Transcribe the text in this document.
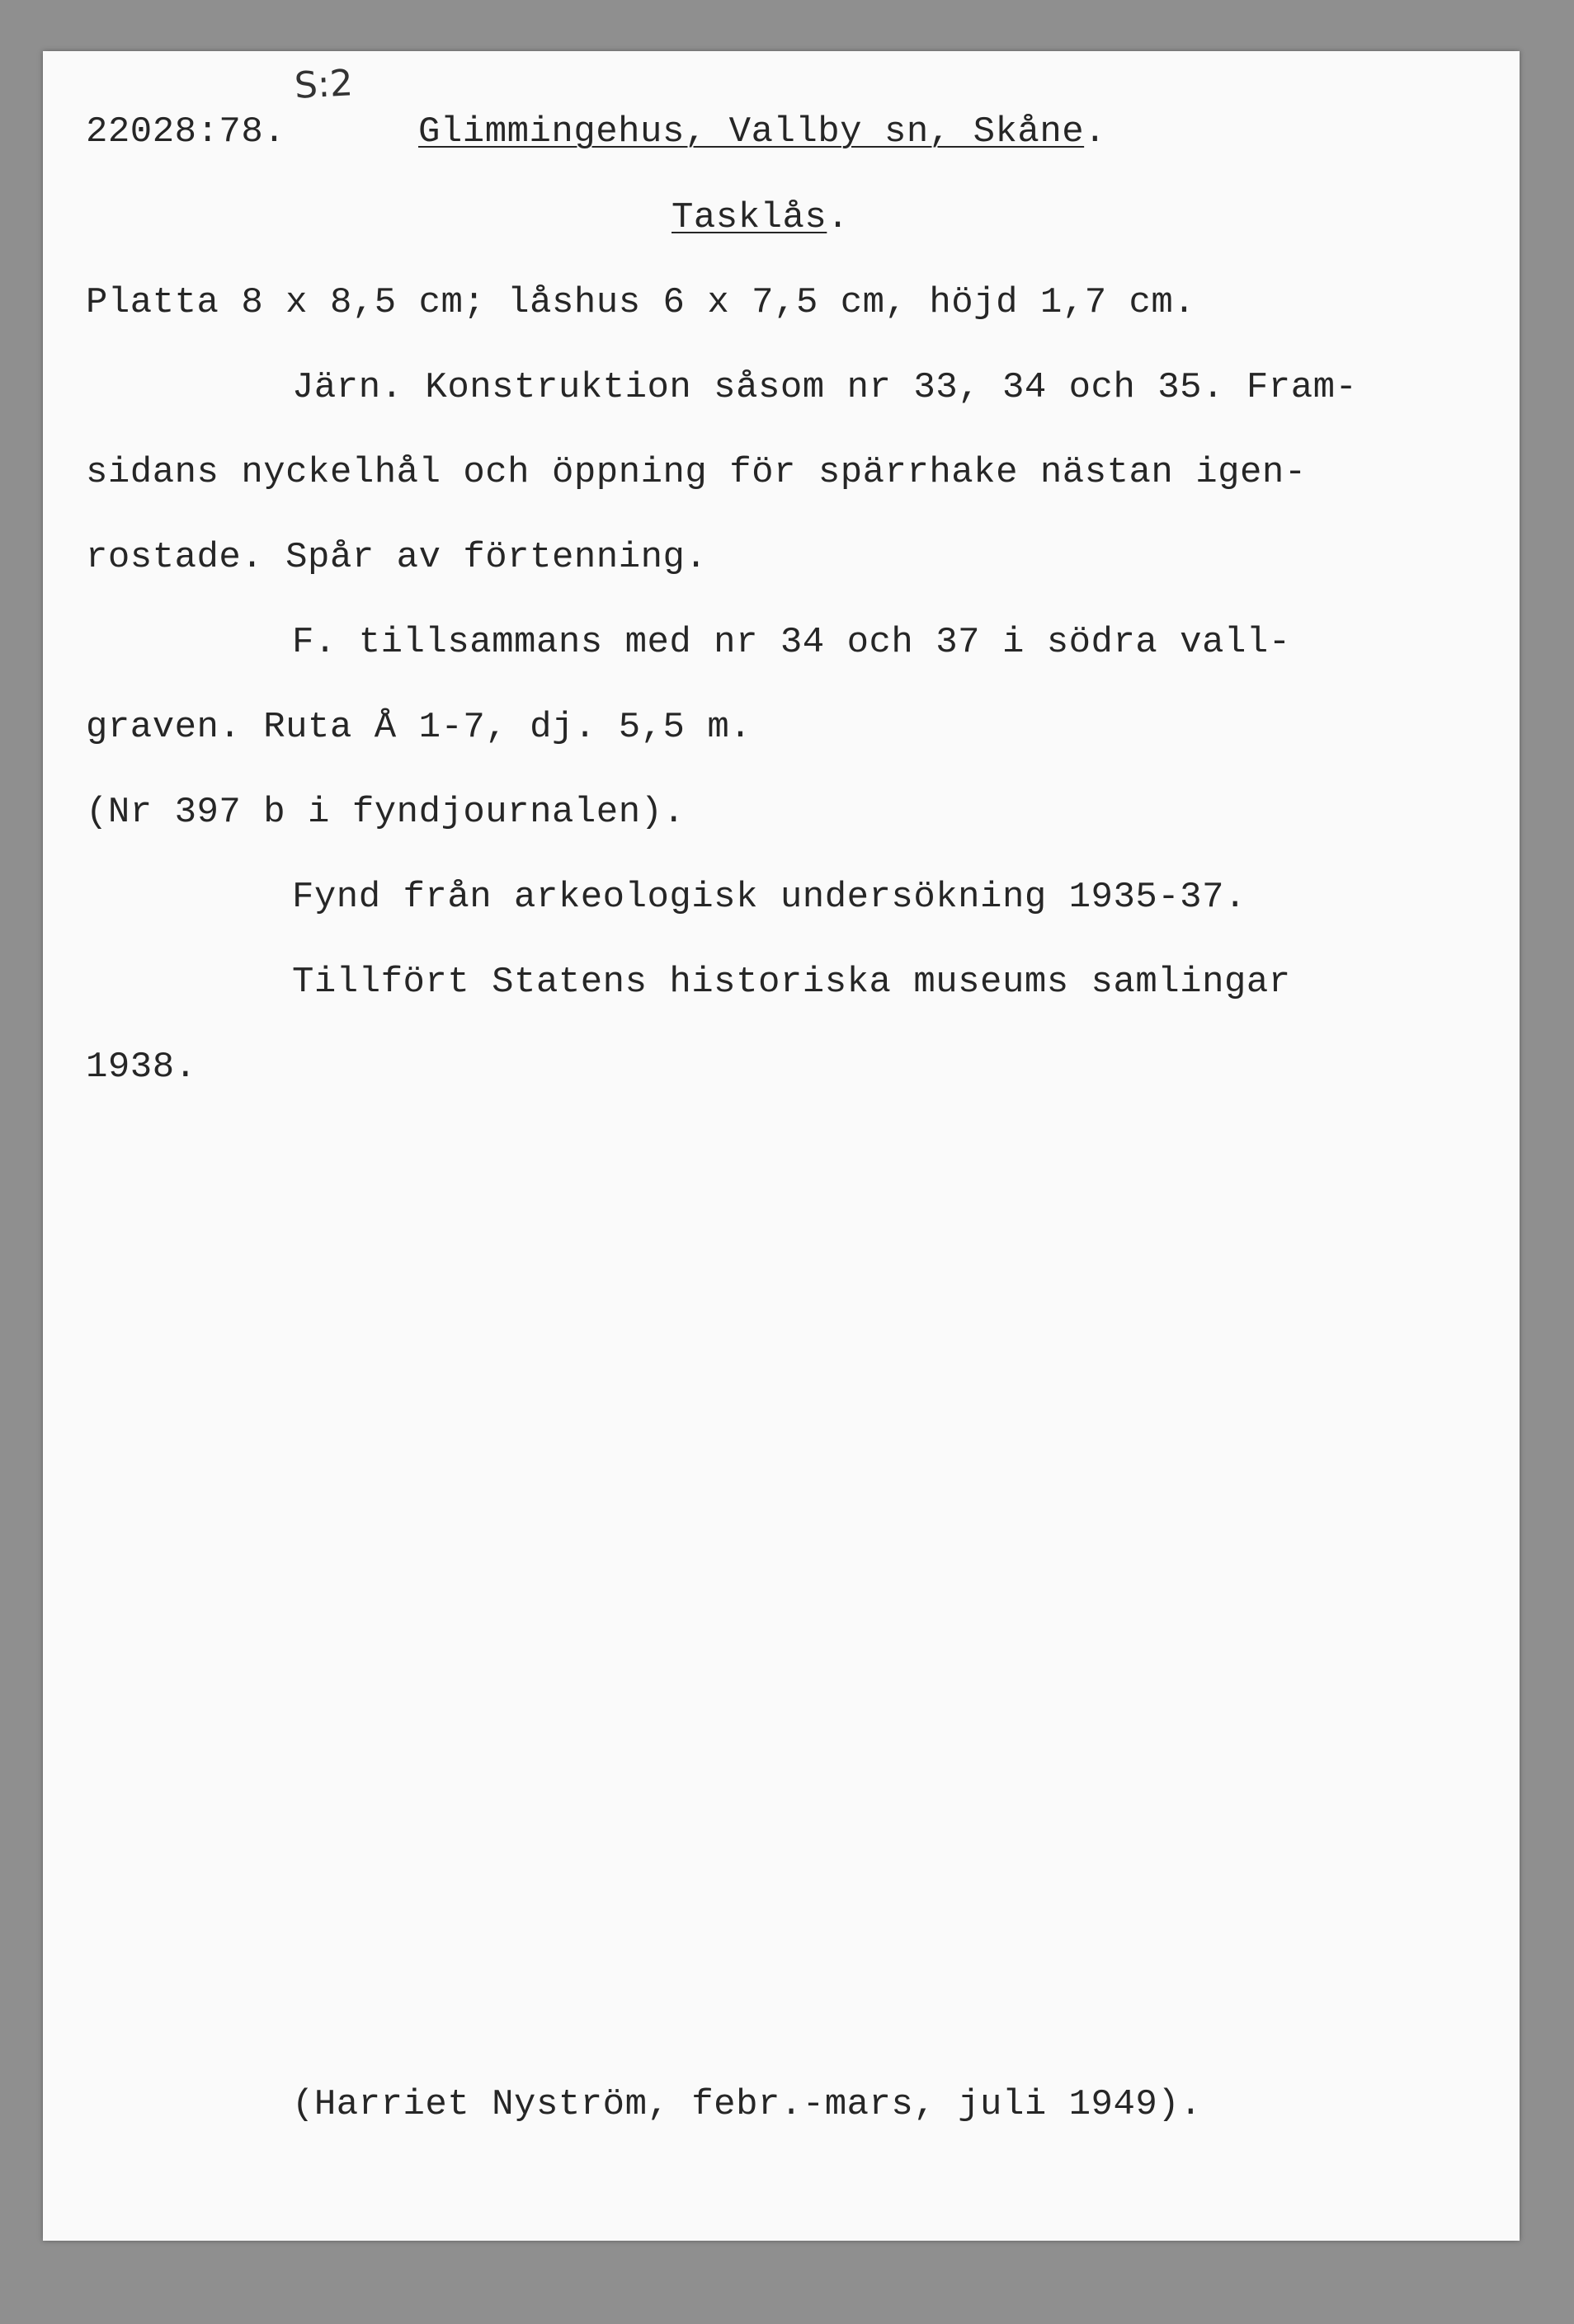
S:2

22028:78.	Glimmingehus, Vallby sn, Skåne.

Tasklås.

Platta 8 x 8,5 cm; låshus 6 x 7,5 cm, höjd 1,7 cm.

Järn. Konstruktion såsom nr 33, 34 och 35. Fram-

sidans nyckelhål och öppning för spärrhake nästan igen-

rostade. Spår av förtenning.

F. tillsammans med nr 34 och 37 i södra vall-

graven. Ruta Å 1-7, dj. 5,5 m.

(Nr 397 b i fyndjournalen).

Fynd från arkeologisk undersökning 1935-37.

Tillfört Statens historiska museums samlingar

1938.

(Harriet Nyström, febr.-mars, juli 1949).
